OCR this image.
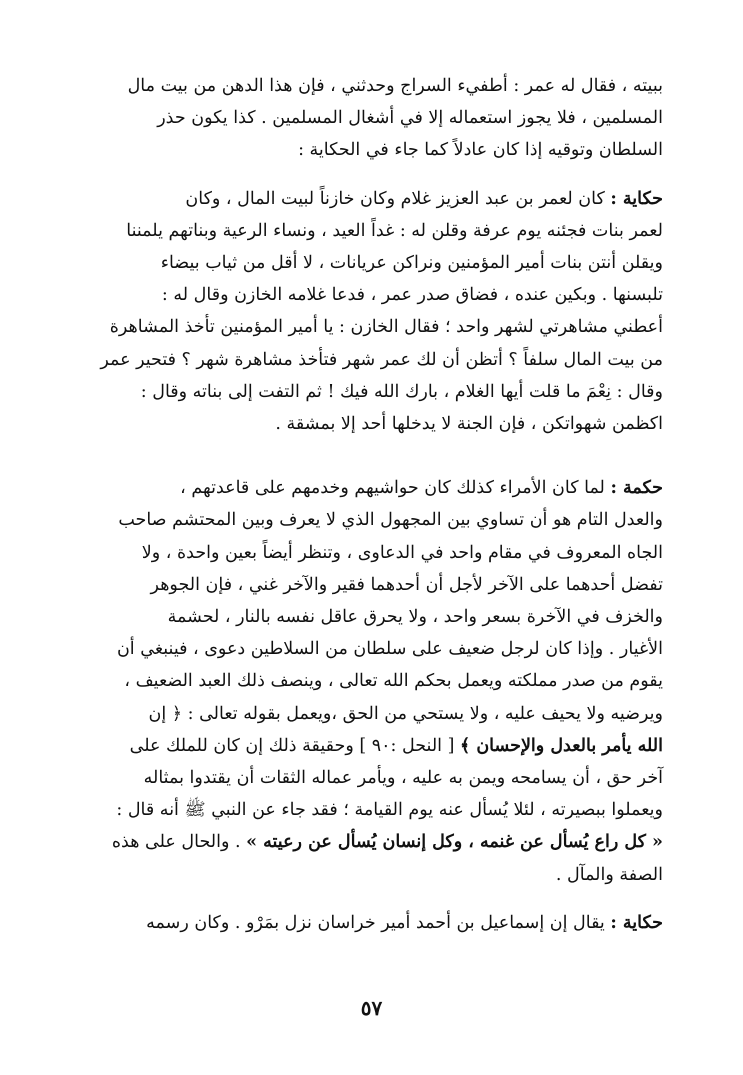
ببيته ، فقال له عمر : أطفيء السراج وحدثني ، فإن هذا الدهن من بيت مال
المسلمين ، فلا يجوز استعماله إلا في أشغال المسلمين . كذا يكون حذر
السلطان وتوقيه إذا كان عادلاً كما جاء في الحكاية :

حكاية : كان لعمر بن عبد العزيز غلام وكان خازناً لبيت المال ، وكان
لعمر بنات فجئنه يوم عرفة وقلن له : غداً العيد ، ونساء الرعية وبناتهم يلمننا
ويقلن أنتن بنات أمير المؤمنين ونراكن عريانات ، لا أقل من ثياب بيضاء
تلبسنها . وبكين عنده ، فضاق صدر عمر ، فدعا غلامه الخازن وقال له :
أعطني مشاهرتي لشهر واحد ؛ فقال الخازن : يا أمير المؤمنين تأخذ المشاهرة
من بيت المال سلفاً ؟ أتظن أن لك عمر شهر فتأخذ مشاهرة شهر ؟ فتحير عمر
وقال : نِعْمَ ما قلت أيها الغلام ، بارك الله فيك ! ثم التفت إلى بناته وقال :
اكظمن شهواتكن ، فإن الجنة لا يدخلها أحد إلا بمشقة .

حكمة : لما كان الأمراء كذلك كان حواشيهم وخدمهم على قاعدتهم ،
والعدل التام هو أن تساوي بين المجهول الذي لا يعرف وبين المحتشم صاحب
الجاه المعروف في مقام واحد في الدعاوى ، وتنظر أيضاً بعين واحدة ، ولا
تفضل أحدهما على الآخر لأجل أن أحدهما فقير والآخر غني ، فإن الجوهر
والخزف في الآخرة بسعر واحد ، ولا يحرق عاقل نفسه بالنار ، لحشمة
الأغيار . وإذا كان لرجل ضعيف على سلطان من السلاطين دعوى ، فينبغي أن
يقوم من صدر مملكته ويعمل بحكم الله تعالى ، وينصف ذلك العبد الضعيف ،
ويرضيه ولا يحيف عليه ، ولا يستحي من الحق ،ويعمل بقوله تعالى : ﴿ إن
الله يأمر بالعدل والإحسان ﴾ [ النحل :٩٠ ] وحقيقة ذلك إن كان للملك على
آخر حق ، أن يسامحه ويمن به عليه ، ويأمر عماله الثقات أن يقتدوا بمثاله
ويعملوا ببصيرته ، لئلا يُسأل عنه يوم القيامة ؛ فقد جاء عن النبي ﷺ أنه قال :
« كل راع يُسأل عن غنمه ، وكل إنسان يُسأل عن رعيته » . والحال على هذه
الصفة والمآل .

حكاية : يقال إن إسماعيل بن أحمد أمير خراسان نزل بمَرْو . وكان رسمه

٥٧
